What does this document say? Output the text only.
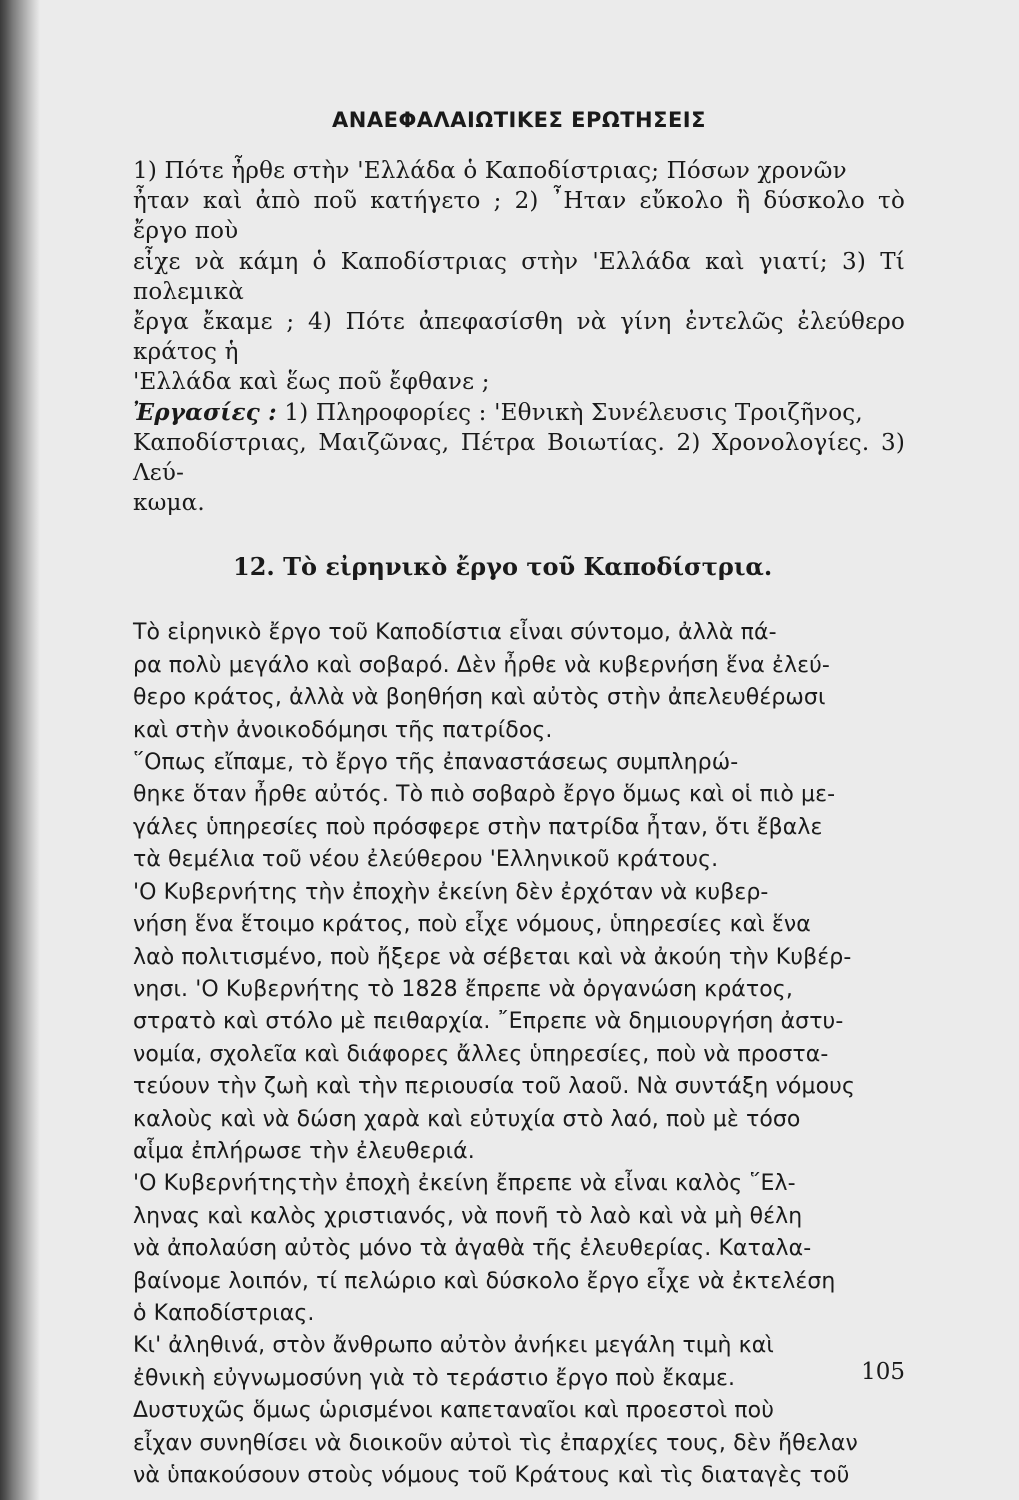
ΑΝΑΕΦΑΛΑΙΩΤΙΚΕΣ ΕΡΩΤΗΣΕΙΣ
1) Πότε ἦρθε στὴν 'Ελλάδα ὁ Καποδίστριας; Πόσων χρονῶν
ἦταν καὶ ἀπὸ ποῦ κατήγετο ; 2) ῏Ηταν εὔκολο ἢ δύσκολο τὸ ἔργο ποὺ
εἶχε νὰ κάμη ὁ Καποδίστριας στὴν 'Ελλάδα καὶ γιατί; 3) Τί πολεμικὰ
ἔργα ἔκαμε ; 4) Πότε ἀπεφασίσθη νὰ γίνη ἐντελῶς ἐλεύθερο κράτος ἡ
'Ελλάδα καὶ ἕως ποῦ ἔφθανε ;
Ἐργασίες : 1) Πληροφορίες : 'Εθνικὴ Συνέλευσις Τροιζῆνος,
Καποδίστριας, Μαιζῶνας, Πέτρα Βοιωτίας. 2) Χρονολογίες. 3) Λεύ-
κωμα.
12. Τὸ εἰρηνικὸ ἔργο τοῦ Καποδίστρια.
Τὸ εἰρηνικὸ ἔργο τοῦ Καποδίστια εἶναι σύντομο, ἀλλὰ πά-
ρα πολὺ μεγάλο καὶ σοβαρό. Δὲν ἦρθε νὰ κυβερνήση ἕνα ἐλεύ-
θερο κράτος, ἀλλὰ νὰ βοηθήση καὶ αὐτὸς στὴν ἀπελευθέρωσι
καὶ στὴν ἀνοικοδόμησι τῆς πατρίδος.
῞Οπως εἴπαμε, τὸ ἔργο τῆς ἐπαναστάσεως συμπληρώ-
θηκε ὅταν ἦρθε αὐτός. Τὸ πιὸ σοβαρὸ ἔργο ὅμως καὶ οἱ πιὸ με-
γάλες ὑπηρεσίες ποὺ πρόσφερε στὴν πατρίδα ἦταν, ὅτι ἔβαλε
τὰ θεμέλια τοῦ νέου ἐλεύθερου 'Ελληνικοῦ κράτους.
'Ο Κυβερνήτης τὴν ἐποχὴν ἐκείνη δὲν ἐρχόταν νὰ κυβερ-
νήση ἕνα ἕτοιμο κράτος, ποὺ εἶχε νόμους, ὑπηρεσίες καὶ ἕνα
λαὸ πολιτισμένο, ποὺ ἤξερε νὰ σέβεται καὶ νὰ ἀκούη τὴν Κυβέρ-
νησι. 'Ο Κυβερνήτης τὸ 1828 ἔπρεπε νὰ ὀργανώση κράτος,
στρατὸ καὶ στόλο μὲ πειθαρχία. ῎Επρεπε νὰ δημιουργήση ἀστυ-
νομία, σχολεῖα καὶ διάφορες ἄλλες ὑπηρεσίες, ποὺ νὰ προστα-
τεύουν τὴν ζωὴ καὶ τὴν περιουσία τοῦ λαοῦ. Νὰ συντάξη νόμους
καλοὺς καὶ νὰ δώση χαρὰ καὶ εὐτυχία στὸ λαό, ποὺ μὲ τόσο
αἷμα ἐπλήρωσε τὴν ἐλευθεριά.
'Ο Κυβερνήτηςτὴν ἐποχὴ ἐκείνη ἔπρεπε νὰ εἶναι καλὸς ῞Ελ-
ληνας καὶ καλὸς χριστιανός, νὰ πονῆ τὸ λαὸ καὶ νὰ μὴ θέλη
νὰ ἀπολαύση αὐτὸς μόνο τὰ ἀγαθὰ τῆς ἐλευθερίας. Καταλα-
βαίνομε λοιπόν, τί πελώριο καὶ δύσκολο ἔργο εἶχε νὰ ἐκτελέση
ὁ Καποδίστριας.
Κι' ἀληθινά, στὸν ἄνθρωπο αὐτὸν ἀνήκει μεγάλη τιμὴ καὶ
ἐθνικὴ εὐγνωμοσύνη γιὰ τὸ τεράστιο ἔργο ποὺ ἔκαμε.
Δυστυχῶς ὅμως ὡρισμένοι καπεταναῖοι καὶ προεστοὶ ποὺ
εἶχαν συνηθίσει νὰ διοικοῦν αὐτοὶ τὶς ἐπαρχίες τους, δὲν ἤθελαν
νὰ ὑπακούσουν στοὺς νόμους τοῦ Κράτους καὶ τὶς διαταγὲς τοῦ
105
